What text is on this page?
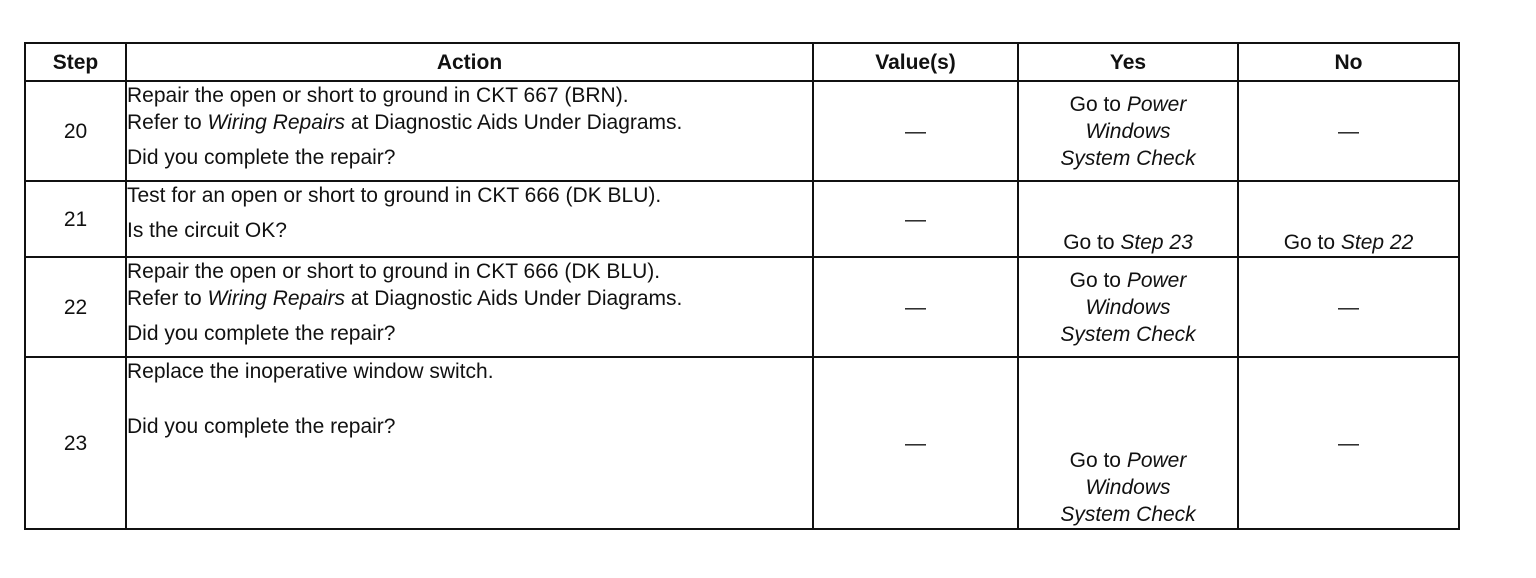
Step	Action	Value(s)	Yes	No
20	Repair the open or short to ground in CKT 667 (BRN).
Refer to Wiring Repairs at Diagnostic Aids Under Diagrams.
Did you complete the repair?	—	Go to Power
Windows
System Check	—
21	Test for an open or short to ground in CKT 666 (DK BLU).
Is the circuit OK?	—	Go to Step 23	Go to Step 22
22	Repair the open or short to ground in CKT 666 (DK BLU).
Refer to Wiring Repairs at Diagnostic Aids Under Diagrams.
Did you complete the repair?	—	Go to Power
Windows
System Check	—
23	Replace the inoperative window switch.
Did you complete the repair?	—	Go to Power
Windows
System Check	—
